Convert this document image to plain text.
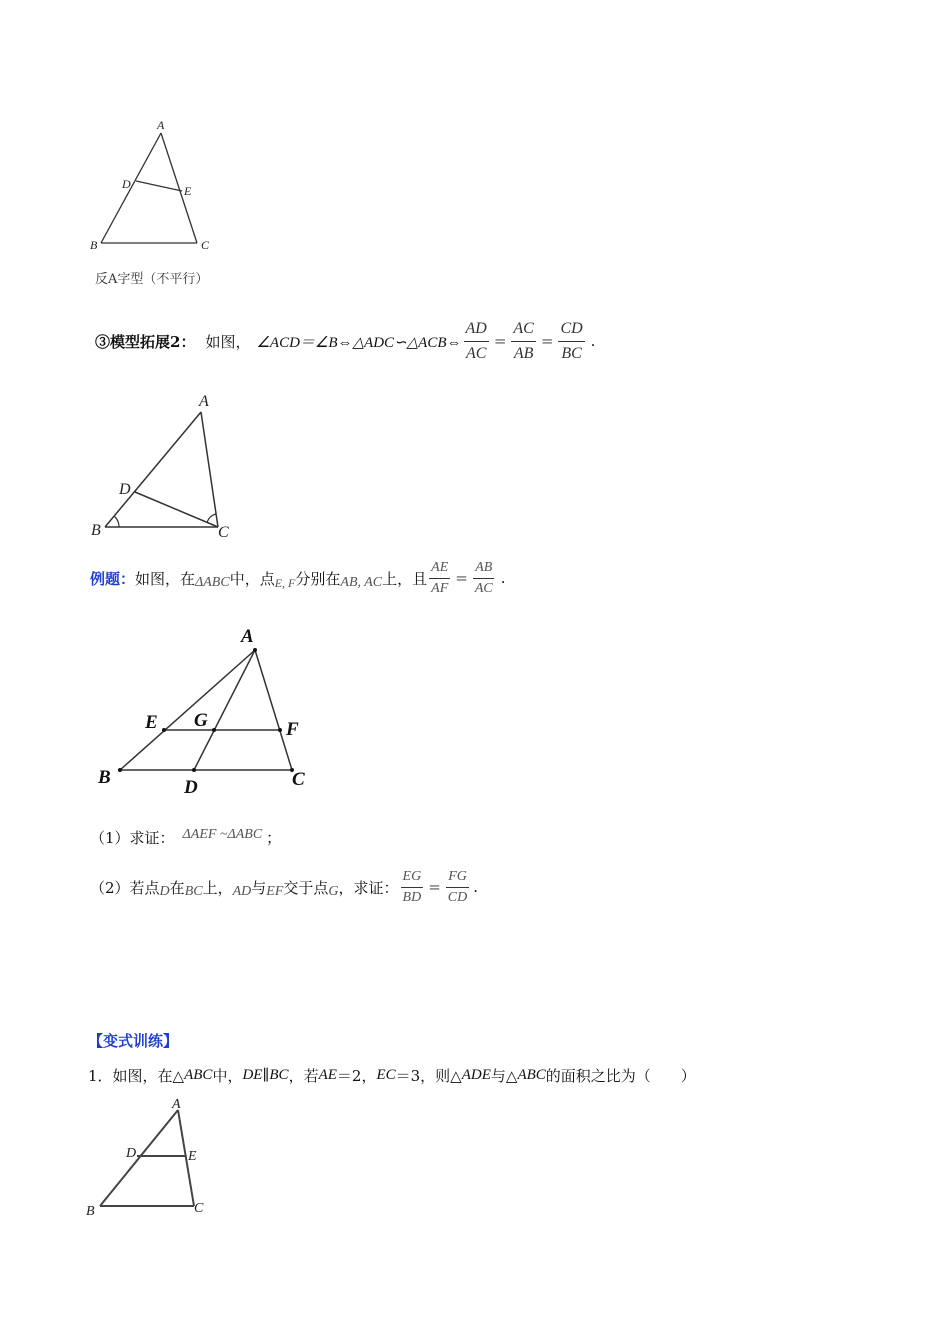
A
D	E
B	C
反A字型（不平行）
③模型拓展2： 如图， ∠ACD＝∠B⇔△ADC∽△ACB⇔ $\frac{AD}{AC} = \frac{AC}{AB} = \frac{CD}{BC}$ .
A
D
B	C
例题： 如图，在 ΔABC 中，点 E, F 分别在 AB, AC 上，且 $\frac{AE}{AF} = \frac{AB}{AC}$ .
A
E G	F
B	D	C
（1）求证： ΔAEF ~ΔABC ；
（2）若点 D 在 BC 上， AD 与 EF 交于点 G ，求证： $\frac{EG}{BD} = \frac{FG}{CD}$ .
【变式训练】
1．如图，在△ ABC 中， DE ∥ BC ，若 AE ＝2， EC ＝3，则△ ADE 与△ ABC 的面积之比为（　　）
A
D	E
B	C
